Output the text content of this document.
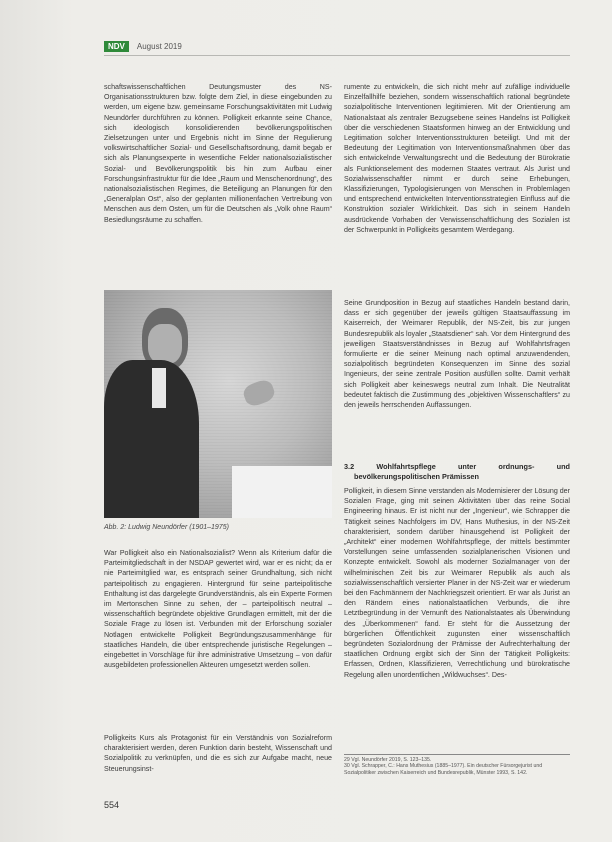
NDV	August 2019

schaftswissenschaftlichen Deutungsmuster des NS-Organisationsstrukturen bzw. folgte dem Ziel, in diese eingebunden zu werden, um eigene bzw. gemeinsame Forschungsaktivitäten mit Ludwig Neundörfer durchführen zu können. Polligkeit erkannte seine Chance, sich ideologisch konsolidierenden bevölkerungspolitischen Zielsetzungen unter und Ergebnis nicht im Sinne der Regulierung volkswirtschaftlicher Sozial- und Gesellschaftsordnung, damit begab er sich als Planungsexperte in wesentliche Felder nationalsozialistischer Sozial- und Bevölkerungspolitik bis hin zum Aufbau einer Forschungsinfrastruktur für die Idee „Raum und Menschenordnung“, des nationalsozialistischen Regimes, die Beteiligung an Planungen für den „Generalplan Ost“, also der geplanten millionenfachen Vertreibung von Menschen aus dem Osten, um für die Deutschen als „Volk ohne Raum“ Besiedlungsräume zu schaffen.

Abb. 2: Ludwig Neundörfer (1901–1975)

War Polligkeit also ein Nationalsozialist? Wenn als Kriterium dafür die Parteimitgliedschaft in der NSDAP gewertet wird, war er es nicht; da er nie Parteimitglied war, es entsprach seiner Grundhaltung, sich nicht parteipolitisch zu engagieren. Hintergrund für seine parteipolitische Enthaltung ist das dargelegte Grundverständnis, als ein Experte Formen im Mertonschen Sinne zu sehen, der – parteipolitisch neutral – wissenschaftlich begründete objektive Grundlagen ermittelt, mit der die Soziale Frage zu lösen ist. Verbunden mit der Erforschung sozialer Notlagen entwickelte Polligkeit Begründungszusammenhänge für staatliches Handeln, die über entsprechende juristische Regelungen – eingebettet in Vorschläge für ihre administrative Umsetzung – von dafür ausgebildeten professionellen Akteuren umgesetzt werden sollen.

Polligkeits Kurs als Protagonist für ein Verständnis von Sozialreform charakterisiert werden, deren Funktion darin besteht, Wissenschaft und Sozialpolitik zu verknüpfen, und die es sich zur Aufgabe macht, neue Steuerungsinst-

rumente zu entwickeln, die sich nicht mehr auf zufällige individuelle Einzelfallhilfe beziehen, sondern wissenschaftlich rational begründete sozialpolitische Interventionen legitimieren. Mit der Orientierung am Nationalstaat als zentraler Bezugsebene seines Handelns ist Polligkeit über die verschiedenen Staatsformen hinweg an der Entwicklung und Legitimation solcher Interventionsstrukturen beteiligt. Und mit der Bedeutung der Legitimation von Interventionsmaßnahmen über das sich entwickelnde Verwaltungsrecht und die Bedeutung der Bürokratie als Funktionselement des modernen Staates vertraut. Als Jurist und Sozialwissenschaftler nimmt er durch seine Erhebungen, Klassifizierungen, Typologisierungen von Menschen in Problemlagen und entsprechend entwickelten Interventionsstrategien Einfluss auf die Konstruktion sozialer Wirklichkeit. Das sich in seinem Handeln ausdrückende Vorhaben der Verwissenschaftlichung des Sozialen ist der Schwerpunkt in Polligkeits gesamtem Werdegang.

Seine Grundposition in Bezug auf staatliches Handeln bestand darin, dass er sich gegenüber der jeweils gültigen Staatsauffassung im Kaiserreich, der Weimarer Republik, der NS-Zeit, bis zur jungen Bundesrepublik als loyaler „Staatsdiener“ sah. Vor dem Hintergrund des jeweiligen Staatsverständnisses in Bezug auf Wohlfahrtsfragen formulierte er die seiner Meinung nach optimal anzuwendenden, sozialpolitisch begründeten Konsequenzen im Sinne des sozial Ingenieurs, der seine zentrale Position ausfüllen sollte. Damit verhält sich Polligkeit aber keineswegs neutral zum Inhalt. Die Neutralität bedeutet faktisch die Zustimmung des „objektiven Wissenschaftlers“ zu den jeweils herrschenden Auffassungen.

3.2 Wohlfahrtspflege unter ordnungs- und bevölkerungspolitischen Prämissen

Polligkeit, in diesem Sinne verstanden als Modernisierer der Lösung der Sozialen Frage, ging mit seinen Aktivitäten über das reine Social Engineering hinaus. Er ist nicht nur der „Ingenieur“, wie Schrapper die Tätigkeit seines Nachfolgers im DV, Hans Muthesius, in der NS-Zeit charakterisiert, sondern darüber hinausgehend ist Polligkeit der „Architekt“ einer modernen Wohlfahrtspflege, der mittels bestimmter Vorstellungen seine umfassenden sozialplanerischen Visionen und Konzepte entwickelt. Sowohl als moderner Sozialmanager von der wilhelminischen Zeit bis zur Weimarer Republik als auch als sozialwissenschaftlich versierter Planer in der NS-Zeit war er wiederum bei den Fachmännern der Nachkriegszeit orientiert. Er war als Jurist an den Rändern eines nationalstaatlichen Verbunds, die ihre Letztbegründung in der Vernunft des Nationalstaates als Überwindung des „Überkommenen“ fand. Er steht für die Aussetzung der bürgerlichen Öffentlichkeit zugunsten einer wissenschaftlich begründeten Sozialordnung der Prämisse der Aufrechterhaltung der staatlichen Ordnung ergibt sich der Sinn der Tätigkeit Polligkeits: Erfassen, Ordnen, Klassifizieren, Verrechtlichung und bürokratische Regelung allen unordentlichen „Wildwuchses“. Des-

29 Vgl. Neundörfer 2019, S. 123–135.
30 Vgl. Schrapper, C.: Hans Muthesius (1885–1977). Ein deutscher Fürsorgejurist und Sozialpolitiker zwischen Kaiserreich und Bundesrepublik, Münster 1993, S. 142.
554
